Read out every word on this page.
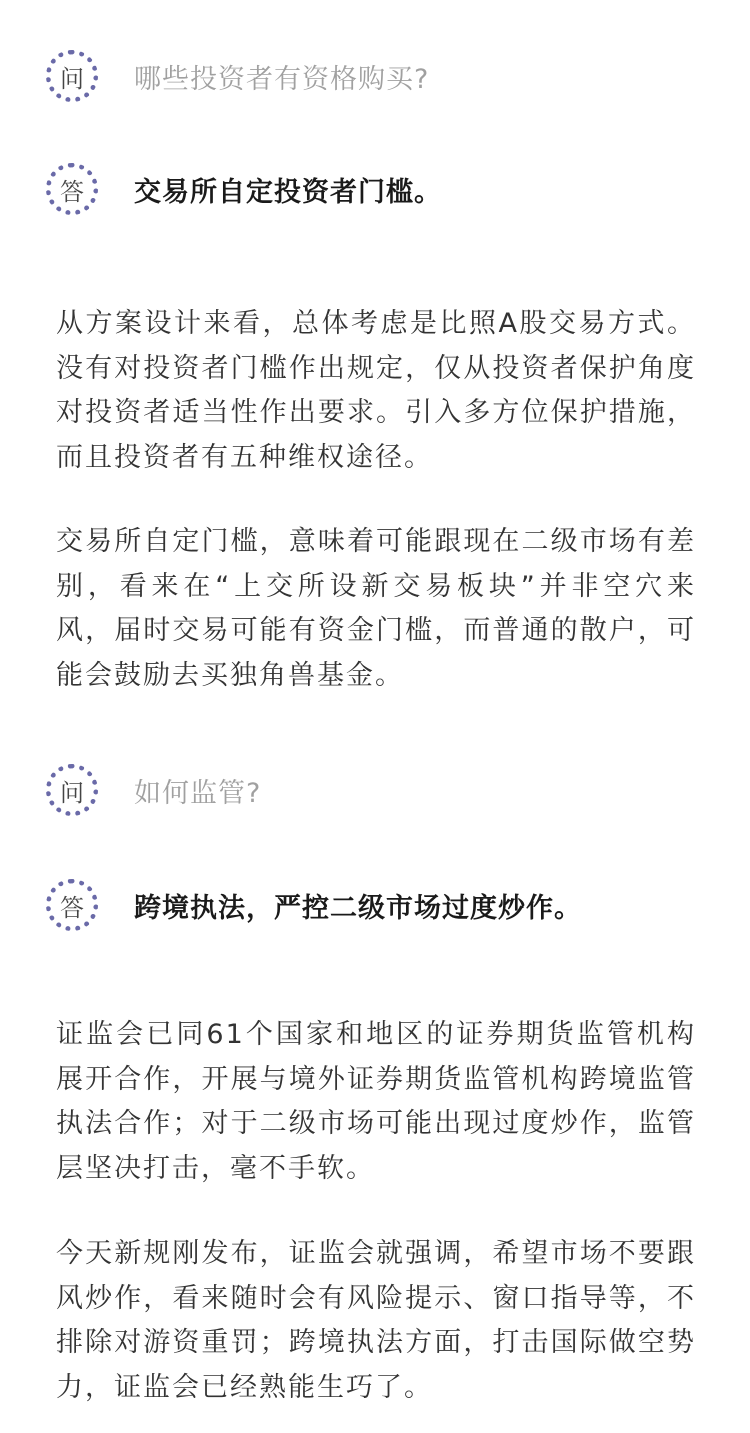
问	哪些投资者有资格购买?
答	交易所自定投资者门槛。

从方案设计来看，总体考虑是比照A股交易方式。没有对投资者门槛作出规定，仅从投资者保护角度对投资者适当性作出要求。引入多方位保护措施，而且投资者有五种维权途径。

交易所自定门槛，意味着可能跟现在二级市场有差别，看来在“上交所设新交易板块”并非空穴来风，届时交易可能有资金门槛，而普通的散户，可能会鼓励去买独角兽基金。

问	如何监管?
答	跨境执法，严控二级市场过度炒作。

证监会已同61个国家和地区的证券期货监管机构展开合作，开展与境外证券期货监管机构跨境监管执法合作；对于二级市场可能出现过度炒作，监管层坚决打击，毫不手软。

今天新规刚发布，证监会就强调，希望市场不要跟风炒作，看来随时会有风险提示、窗口指导等，不排除对游资重罚；跨境执法方面，打击国际做空势力，证监会已经熟能生巧了。
